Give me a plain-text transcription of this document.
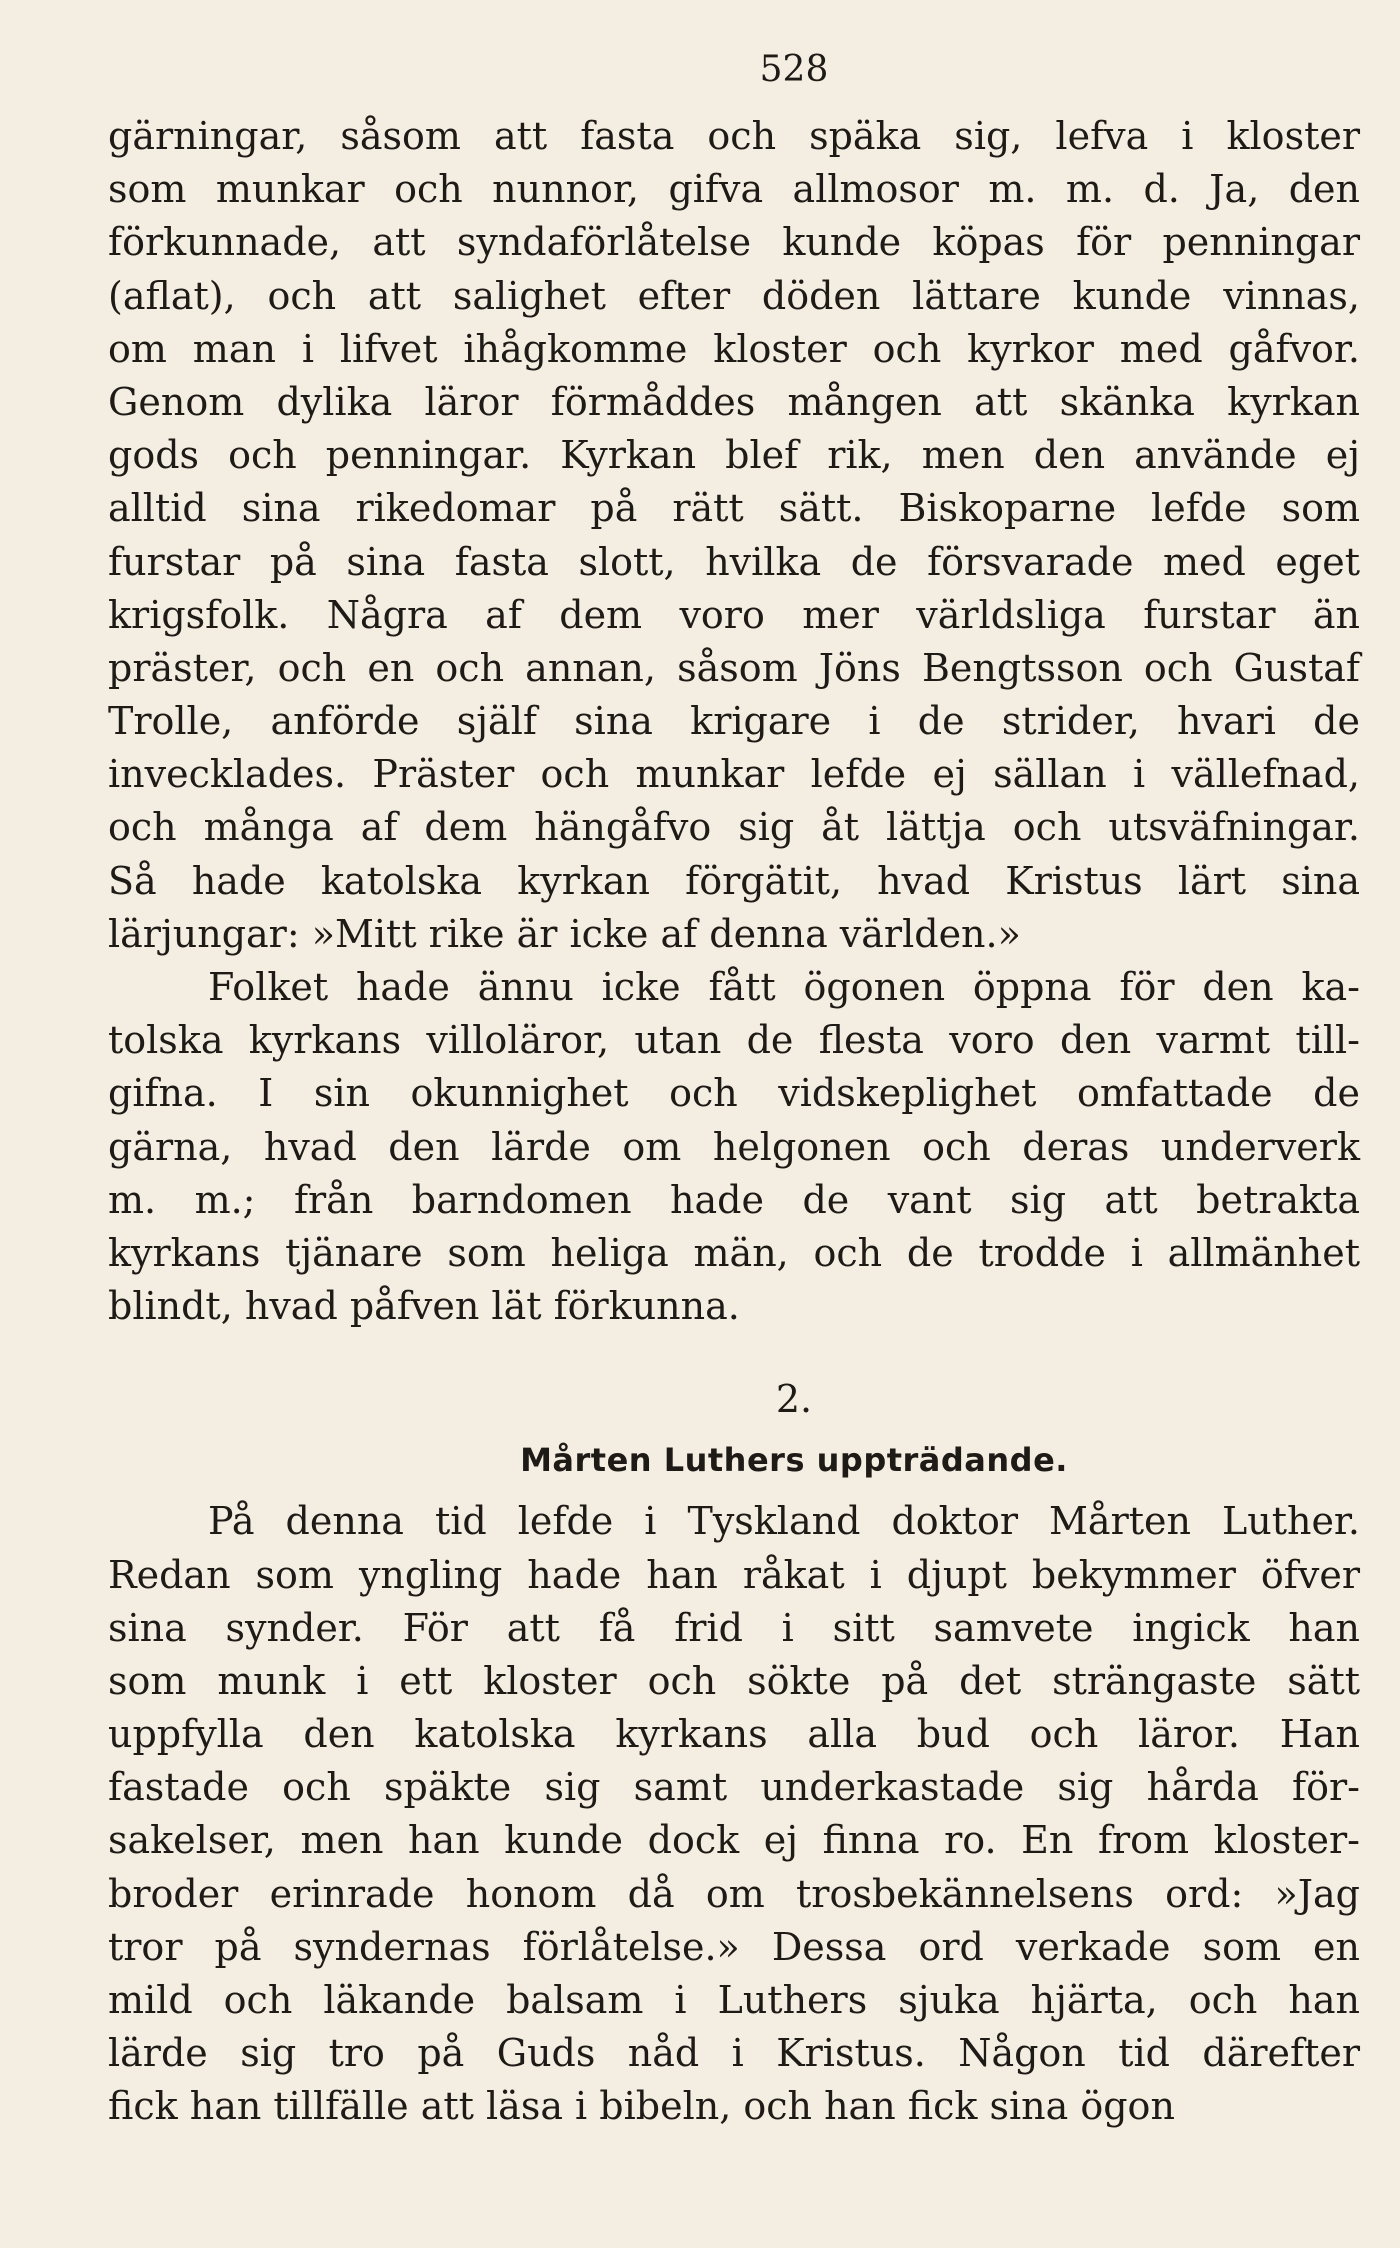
528
gärningar, såsom att fasta och späka sig, lefva i kloster
som munkar och nunnor, gifva allmosor m. m. d. Ja, den
förkunnade, att syndaförlåtelse kunde köpas för penningar
(aflat), och att salighet efter döden lättare kunde vinnas,
om man i lifvet ihågkomme kloster och kyrkor med gåfvor.
Genom dylika läror förmåddes mången att skänka kyrkan
gods och penningar. Kyrkan blef rik, men den använde ej
alltid sina rikedomar på rätt sätt. Biskoparne lefde som
furstar på sina fasta slott, hvilka de försvarade med eget
krigsfolk. Några af dem voro mer världsliga furstar än
präster, och en och annan, såsom Jöns Bengtsson och Gustaf
Trolle, anförde själf sina krigare i de strider, hvari de
invecklades. Präster och munkar lefde ej sällan i vällefnad,
och många af dem hängåfvo sig åt lättja och utsväfningar.
Så hade katolska kyrkan förgätit, hvad Kristus lärt sina
lärjungar: »Mitt rike är icke af denna världen.»
Folket hade ännu icke fått ögonen öppna för den ka-
tolska kyrkans villoläror, utan de flesta voro den varmt till-
gifna. I sin okunnighet och vidskeplighet omfattade de
gärna, hvad den lärde om helgonen och deras underverk
m. m.; från barndomen hade de vant sig att betrakta
kyrkans tjänare som heliga män, och de trodde i allmänhet
blindt, hvad påfven lät förkunna.
2.
Mårten Luthers uppträdande.
På denna tid lefde i Tyskland doktor Mårten Luther.
Redan som yngling hade han råkat i djupt bekymmer öfver
sina synder. För att få frid i sitt samvete ingick han
som munk i ett kloster och sökte på det strängaste sätt
uppfylla den katolska kyrkans alla bud och läror. Han
fastade och späkte sig samt underkastade sig hårda för-
sakelser, men han kunde dock ej finna ro. En from kloster-
broder erinrade honom då om trosbekännelsens ord: »Jag
tror på syndernas förlåtelse.» Dessa ord verkade som en
mild och läkande balsam i Luthers sjuka hjärta, och han
lärde sig tro på Guds nåd i Kristus. Någon tid därefter
fick han tillfälle att läsa i bibeln, och han fick sina ögon
